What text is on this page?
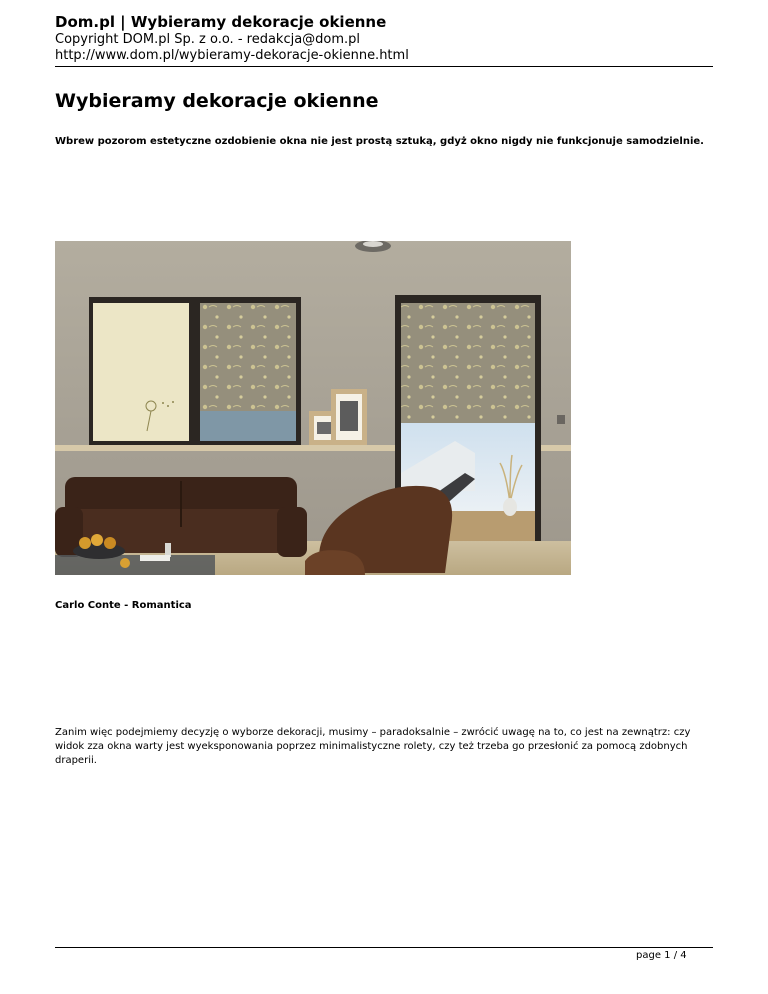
Dom.pl | Wybieramy dekoracje okienne
Copyright DOM.pl Sp. z o.o. - redakcja@dom.pl
http://www.dom.pl/wybieramy-dekoracje-okienne.html
Wybieramy dekoracje okienne
Wbrew pozorom estetyczne ozdobienie okna nie jest prostą sztuką, gdyż okno nigdy nie funkcjonuje samodzielnie.
Carlo Conte - Romantica
Zanim więc podejmiemy decyzję o wyborze dekoracji, musimy – paradoksalnie – zwrócić uwagę na to, co jest na zewnątrz: czy widok zza okna warty jest wyeksponowania poprzez minimalistyczne rolety, czy też trzeba go przesłonić za pomocą zdobnych draperii.
page 1 / 4
